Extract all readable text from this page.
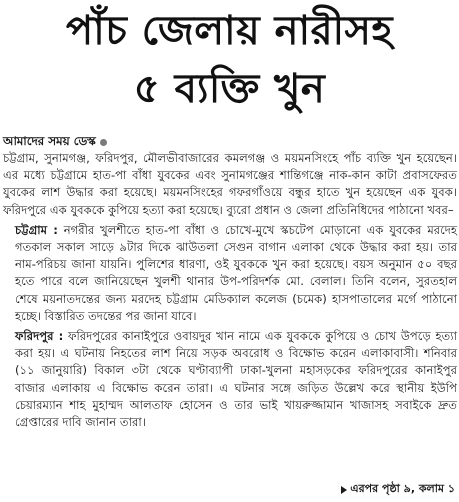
পাঁচ জেলায় নারীসহ
৫ ব্যক্তি খুন
আমাদের সময় ডেস্ক

চট্টগ্রাম, সুনামগঞ্জ, ফরিদপুর, মৌলভীবাজারের কমলগঞ্জ ও ময়মনসিংহে পাঁচ ব্যক্তি খুন হয়েছেন। এর মধ্যে চট্টগ্রামে হাত-পা বাঁধা যুবকের এবং সুনামগঞ্জের শান্তিগঞ্জে নাক-কান কাটা প্রবাসফেরত যুবকের লাশ উদ্ধার করা হয়েছে। ময়মনসিংহের গফরগাঁওয়ে বন্ধুর হাতে খুন হয়েছেন এক যুবক। ফরিদপুরে এক যুবককে কুপিয়ে হত্যা করা হয়েছে। ব্যুরো প্রধান ও জেলা প্রতিনিধিদের পাঠানো খবর–

চট্টগ্রাম : নগরীর খুলশীতে হাত-পা বাঁধা ও চোখে-মুখে স্কচটেপ মোড়ানো এক যুবকের মরদেহ গতকাল সকাল সাড়ে ৯টার দিকে ঝাউতলা সেগুন বাগান এলাকা থেকে উদ্ধার করা হয়। তার নাম-পরিচয় জানা যায়নি। পুলিশের ধারণা, ওই যুবককে খুন করা হয়েছে। বয়স অনুমান ৫০ বছর হতে পারে বলে জানিয়েছেন খুলশী থানার উপ-পরিদর্শক মো. বেলাল। তিনি বলেন, সুরতহাল শেষে ময়নাতদন্তের জন্য মরদেহ চট্টগ্রাম মেডিক্যাল কলেজ (চমেক) হাসপাতালের মর্গে পাঠানো হচ্ছে। বিস্তারিত তদন্তের পর জানা যাবে।

ফরিদপুর : ফরিদপুরের কানাইপুরে ওবায়দুর খান নামে এক যুবককে কুপিয়ে ও চোখ উপড়ে হত্যা করা হয়। এ ঘটনায় নিহতের লাশ নিয়ে সড়ক অবরোধ ও বিক্ষোভ করেন এলাকাবাসী। শনিবার (১১ জানুয়ারি) বিকাল ৩টা থেকে ঘণ্টাব্যাপী ঢাকা-খুলনা মহাসড়কের ফরিদপুরের কানাইপুর বাজার এলাকায় এ বিক্ষোভ করেন তারা। এ ঘটনার সঙ্গে জড়িত উল্লেখ করে স্থানীয় ইউপি চেয়ারম্যান শাহ মুহাম্মদ আলতাফ হোসেন ও তার ভাই খায়রুজ্জামান খাজাসহ সবাইকে দ্রুত গ্রেপ্তারের দাবি জানান তারা।

এরপর পৃষ্ঠা ৯, কলাম ১
